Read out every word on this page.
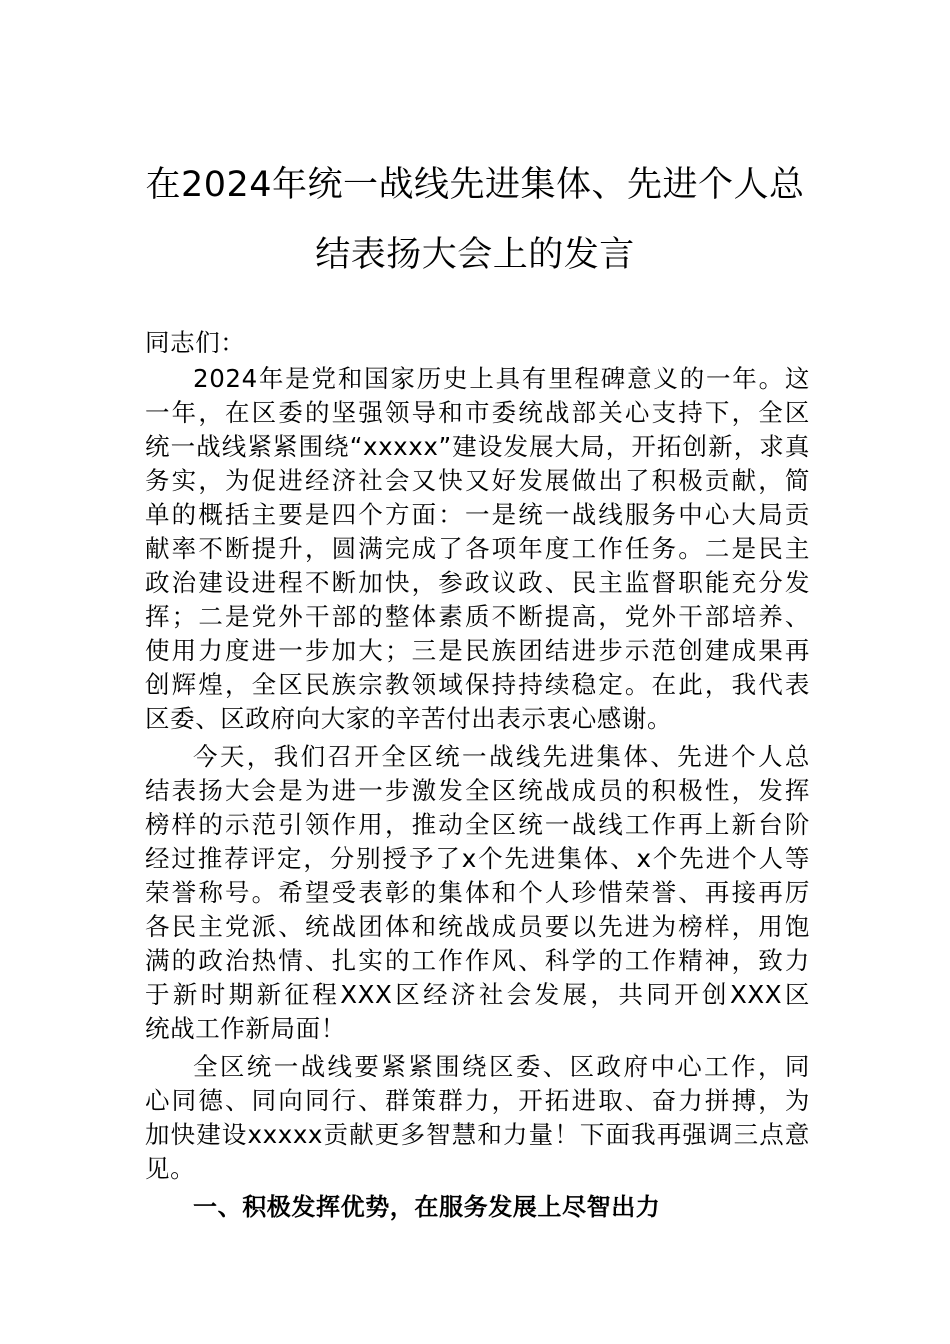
在2024年统一战线先进集体、先进个人总
结表扬大会上的发言
同志们：
2024年是党和国家历史上具有里程碑意义的一年。这
一年，在区委的坚强领导和市委统战部关心支持下，全区
统一战线紧紧围绕“xxxxx”建设发展大局，开拓创新，求真
务实，为促进经济社会又快又好发展做出了积极贡献，简
单的概括主要是四个方面：一是统一战线服务中心大局贡
献率不断提升，圆满完成了各项年度工作任务。二是民主
政治建设进程不断加快，参政议政、民主监督职能充分发
挥；二是党外干部的整体素质不断提高，党外干部培养、
使用力度进一步加大；三是民族团结进步示范创建成果再
创辉煌，全区民族宗教领域保持持续稳定。在此，我代表
区委、区政府向大家的辛苦付出表示衷心感谢。
今天，我们召开全区统一战线先进集体、先进个人总
结表扬大会是为进一步激发全区统战成员的积极性，发挥
榜样的示范引领作用，推动全区统一战线工作再上新台阶
经过推荐评定，分别授予了x个先进集体、x个先进个人等
荣誉称号。希望受表彰的集体和个人珍惜荣誉、再接再厉
各民主党派、统战团体和统战成员要以先进为榜样，用饱
满的政治热情、扎实的工作作风、科学的工作精神，致力
于新时期新征程XXX区经济社会发展，共同开创XXX区
统战工作新局面！
全区统一战线要紧紧围绕区委、区政府中心工作，同
心同德、同向同行、群策群力，开拓进取、奋力拼搏，为
加快建设xxxxx贡献更多智慧和力量！下面我再强调三点意
见。
一、积极发挥优势，在服务发展上尽智出力
